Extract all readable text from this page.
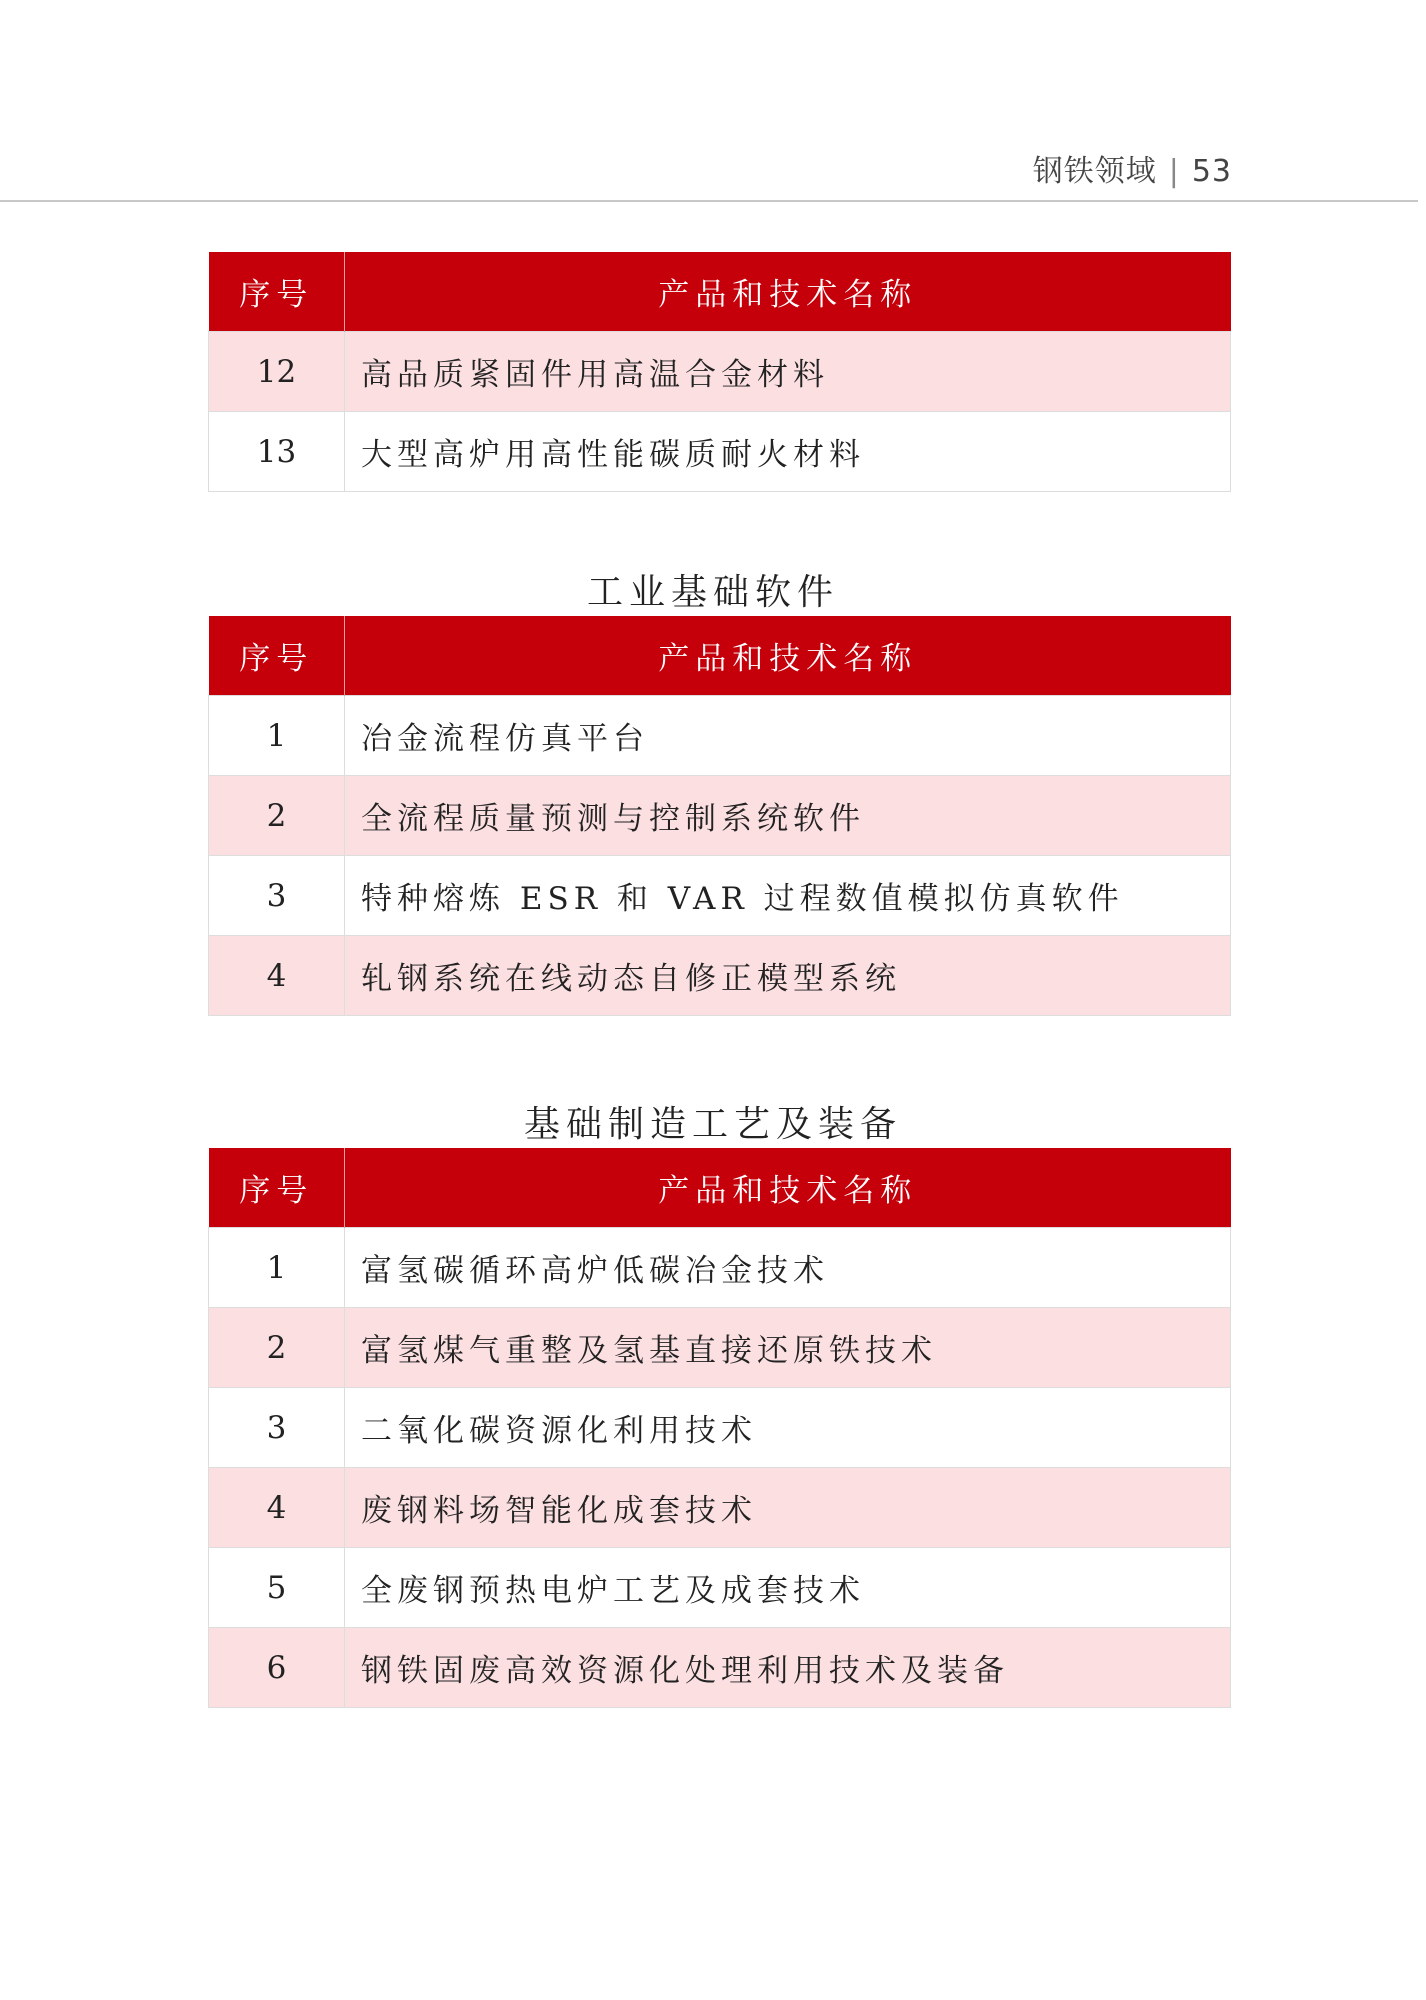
钢铁领域 | 53
序号	产品和技术名称
12	高品质紧固件用高温合金材料
13	大型高炉用高性能碳质耐火材料
工业基础软件
序号	产品和技术名称
1	冶金流程仿真平台
2	全流程质量预测与控制系统软件
3	特种熔炼 ESR 和 VAR 过程数值模拟仿真软件
4	轧钢系统在线动态自修正模型系统
基础制造工艺及装备
序号	产品和技术名称
1	富氢碳循环高炉低碳冶金技术
2	富氢煤气重整及氢基直接还原铁技术
3	二氧化碳资源化利用技术
4	废钢料场智能化成套技术
5	全废钢预热电炉工艺及成套技术
6	钢铁固废高效资源化处理利用技术及装备
